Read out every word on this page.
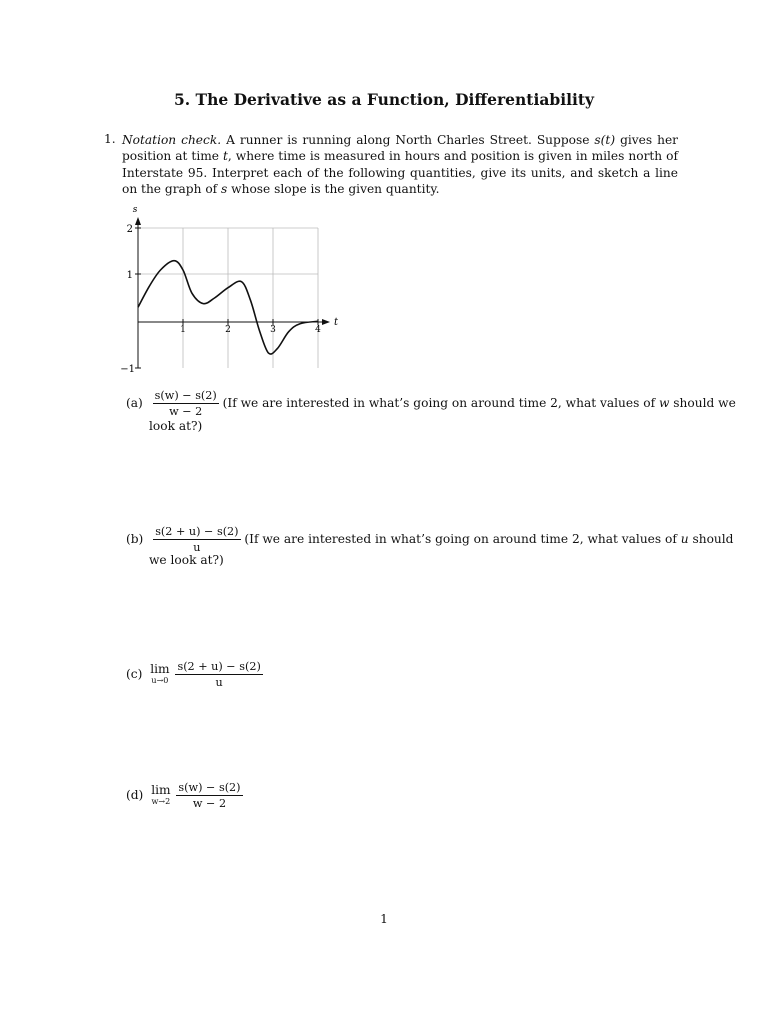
5. The Derivative as a Function, Differentiability
1. Notation check. A runner is running along North Charles Street. Suppose s(t) gives her position at time t, where time is measured in hours and position is given in miles north of Interstate 95. Interpret each of the following quantities, give its units, and sketch a line on the graph of s whose slope is the given quantity.
s
t
2
1
−1
1	2	3	4
$(a) \frac{s(w) - s(2)}{w - 2} (If$ we are interested in what’s going on around time 2, what values of w should we
look at?)
$(b) \frac{s(2 + u) - s(2)}{u} (If$ we are interested in what’s going on around time 2, what values of u should
we look at?)
(c) lim
u→0
$\frac{s(2 + u) - s(2)}{u}$
(d) lim
w→2
$\frac{s(w) - s(2)}{w - 2}$
1
